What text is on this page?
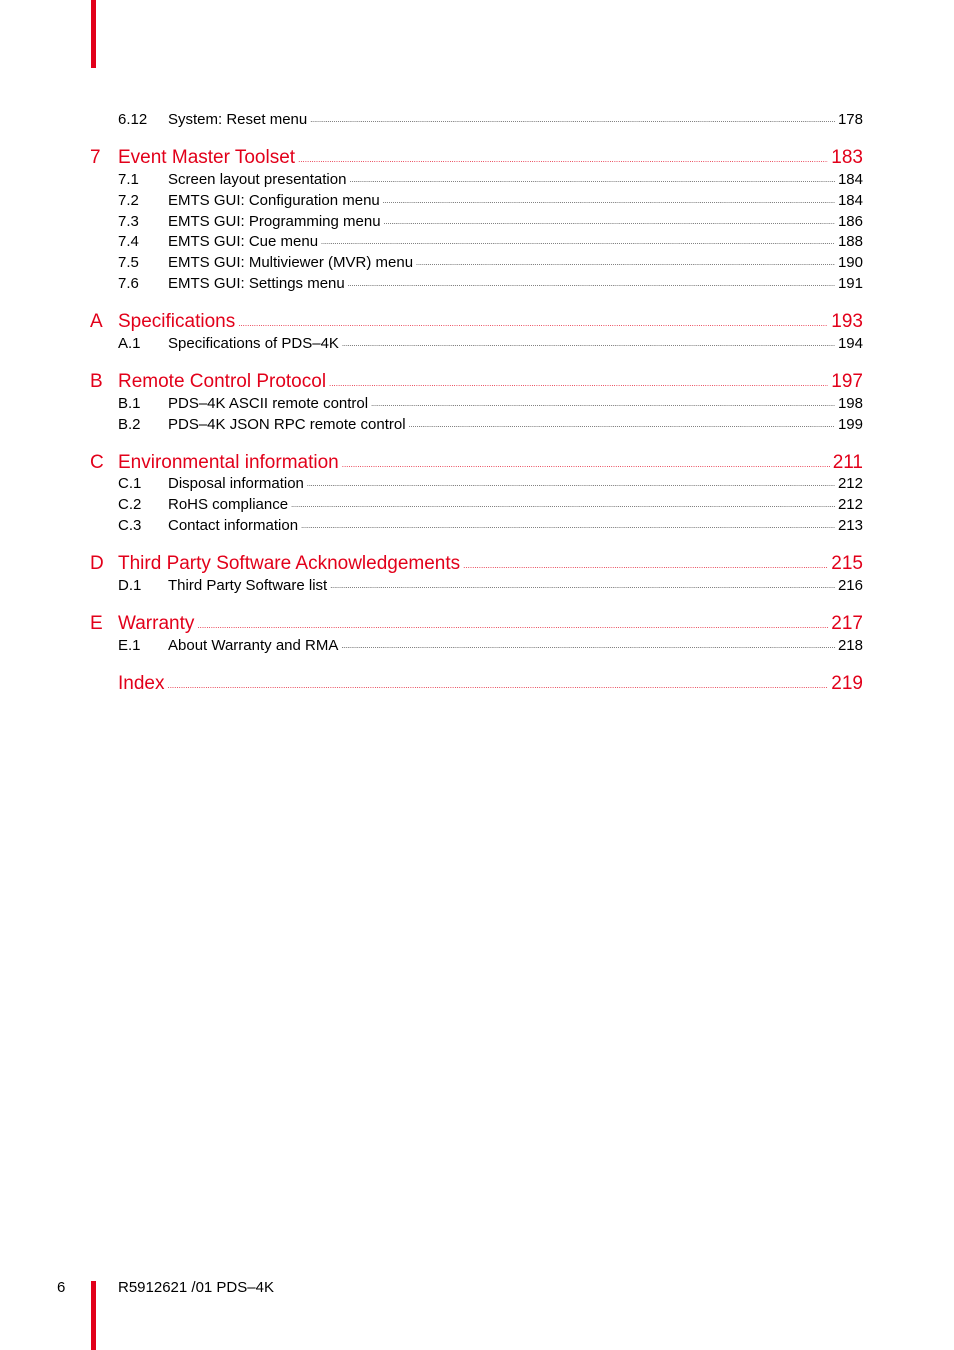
6.12 System: Reset menu .....	178
7 Event Master Toolset .....	183
7.1 Screen layout presentation .....	184
7.2 EMTS GUI: Configuration menu .....	184
7.3 EMTS GUI: Programming menu .....	186
7.4 EMTS GUI: Cue menu .....	188
7.5 EMTS GUI: Multiviewer (MVR) menu .....	190
7.6 EMTS GUI: Settings menu .....	191
A Specifications .....	193
A.1 Specifications of PDS–4K .....	194
B Remote Control Protocol .....	197
B.1 PDS–4K ASCII remote control .....	198
B.2 PDS–4K JSON RPC remote control .....	199
C Environmental information .....	211
C.1 Disposal information .....	212
C.2 RoHS compliance .....	212
C.3 Contact information .....	213
D Third Party Software Acknowledgements .....	215
D.1 Third Party Software list .....	216
E Warranty .....	217
E.1 About Warranty and RMA .....	218
Index .....	219
6	R5912621 /01 PDS–4K
